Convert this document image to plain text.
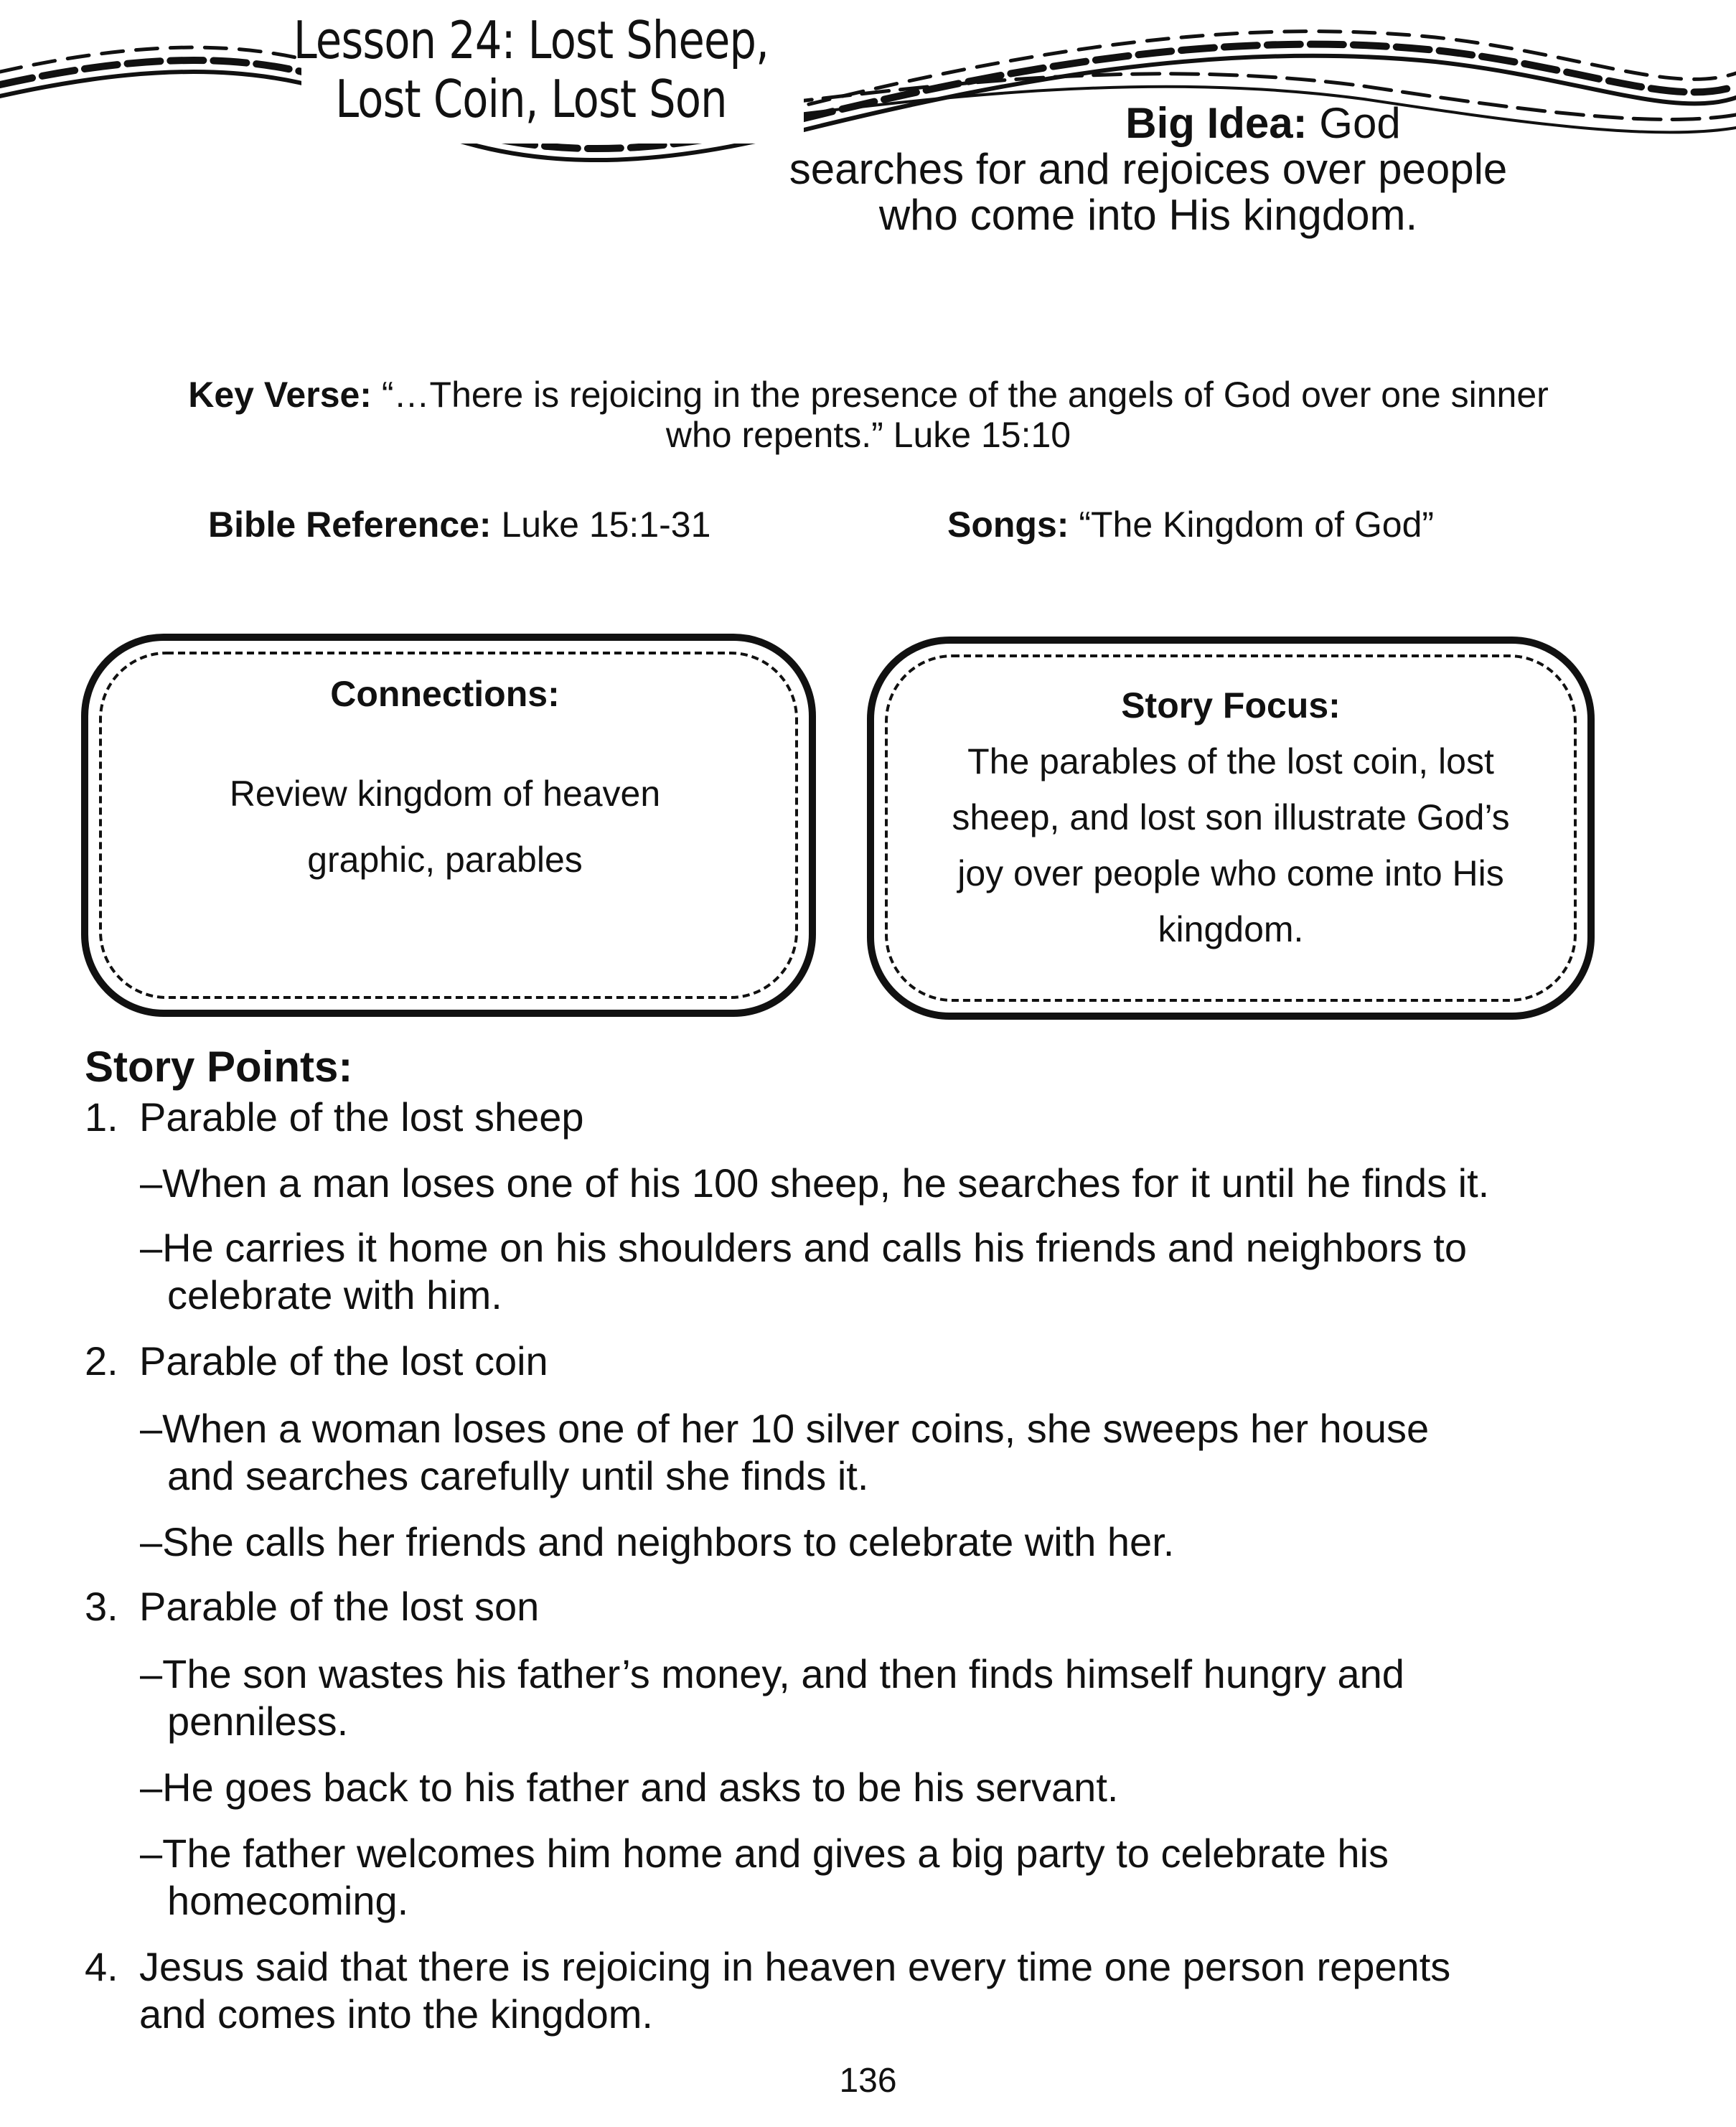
Lesson 24: Lost Sheep,
Lost Coin, Lost Son	Big Idea: God
searches for and rejoices over people
who come into His kingdom.
Key Verse: “…There is rejoicing in the presence of the angels of God over one sinner
who repents.” Luke 15:10
Bible Reference: Luke 15:1-31	Songs: “The Kingdom of God”
Connections:
Review kingdom of heaven
graphic, parables
Story Focus:
The parables of the lost coin, lost
sheep, and lost son illustrate God’s
joy over people who come into His
kingdom.
Story Points:
1. Parable of the lost sheep
–When a man loses one of his 100 sheep, he searches for it until he finds it.
–He carries it home on his shoulders and calls his friends and neighbors to
celebrate with him.
2. Parable of the lost coin
–When a woman loses one of her 10 silver coins, she sweeps her house
and searches carefully until she finds it.
–She calls her friends and neighbors to celebrate with her.
3. Parable of the lost son
–The son wastes his father’s money, and then finds himself hungry and
penniless.
–He goes back to his father and asks to be his servant.
–The father welcomes him home and gives a big party to celebrate his
homecoming.
4. Jesus said that there is rejoicing in heaven every time one person repents
and comes into the kingdom.
136
